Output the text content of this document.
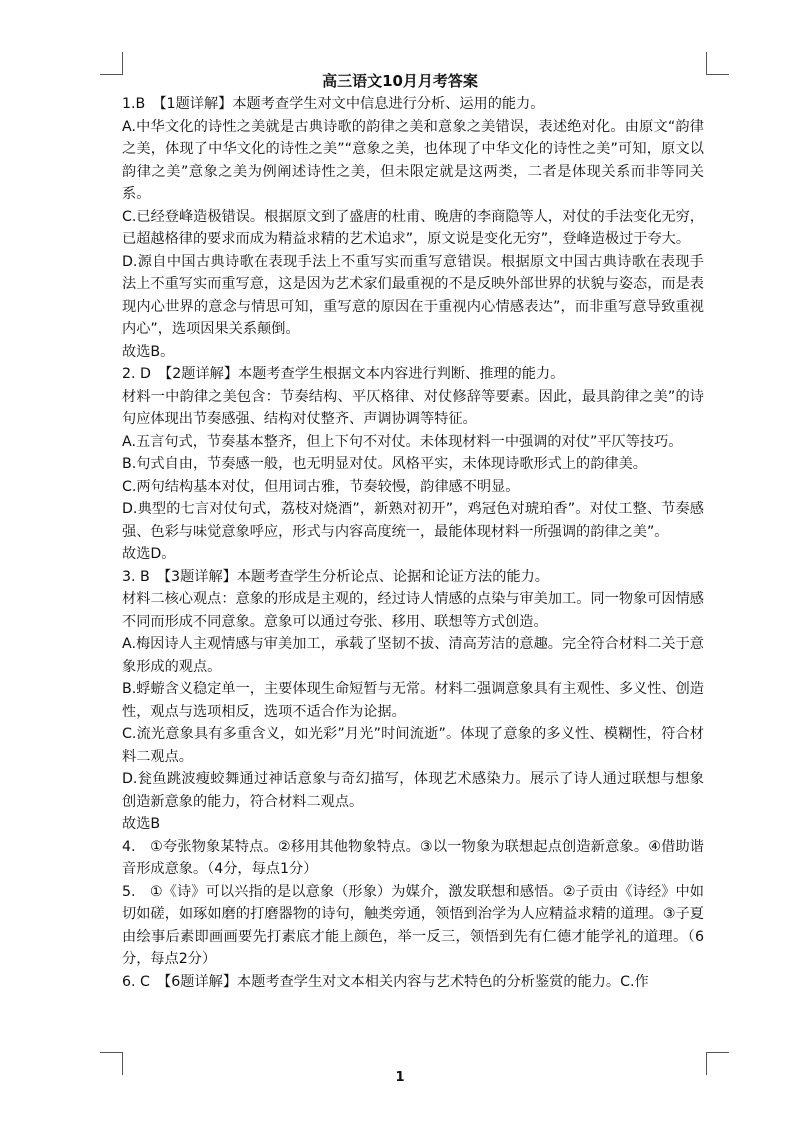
高三语文10月月考答案

1.B　【1题详解】本题考查学生对文中信息进行分析、运用的能力。

A.中华文化的诗性之美就是古典诗歌的韵律之美和意象之美错误，表述绝对化。由原文“韵律之美，体现了中华文化的诗性之美”“意象之美，也体现了中华文化的诗性之美”可知，原文以韵律之美”意象之美为例阐述诗性之美，但未限定就是这两类，二者是体现关系而非等同关系。

C.已经登峰造极错误。根据原文到了盛唐的杜甫、晚唐的李商隐等人，对仗的手法变化无穷，已超越格律的要求而成为精益求精的艺术追求”，原文说是变化无穷”，登峰造极过于夸大。

D.源自中国古典诗歌在表现手法上不重写实而重写意错误。根据原文中国古典诗歌在表现手法上不重写实而重写意，这是因为艺术家们最重视的不是反映外部世界的状貌与姿态，而是表现内心世界的意念与情思可知，重写意的原因在于重视内心情感表达”，而非重写意导致重视内心”，选项因果关系颠倒。

故选B。

2. D　【2题详解】本题考查学生根据文本内容进行判断、推理的能力。

材料一中韵律之美包含：节奏结构、平仄格律、对仗修辞等要素。因此，最具韵律之美”的诗句应体现出节奏感强、结构对仗整齐、声调协调等特征。

A.五言句式，节奏基本整齐，但上下句不对仗。未体现材料一中强调的对仗”平仄等技巧。

B.句式自由，节奏感一般，也无明显对仗。风格平实，未体现诗歌形式上的韵律美。

C.两句结构基本对仗，但用词古雅，节奏较慢，韵律感不明显。

D.典型的七言对仗句式，荔枝对烧酒”，新熟对初开”，鸡冠色对琥珀香”。对仗工整、节奏感强、色彩与味觉意象呼应，形式与内容高度统一，最能体现材料一所强调的韵律之美”。

故选D。

3. B　【3题详解】本题考查学生分析论点、论据和论证方法的能力。

材料二核心观点：意象的形成是主观的，经过诗人情感的点染与审美加工。同一物象可因情感不同而形成不同意象。意象可以通过夸张、移用、联想等方式创造。

A.梅因诗人主观情感与审美加工，承载了坚韧不拔、清高芳洁的意趣。完全符合材料二关于意象形成的观点。

B.蜉蝣含义稳定单一，主要体现生命短暂与无常。材料二强调意象具有主观性、多义性、创造性，观点与选项相反，选项不适合作为论据。

C.流光意象具有多重含义，如光彩”月光”时间流逝”。体现了意象的多义性、模糊性，符合材料二观点。

D.瓮鱼跳波瘦蛟舞通过神话意象与奇幻描写，体现艺术感染力。展示了诗人通过联想与想象创造新意象的能力，符合材料二观点。

故选B

4.　①夸张物象某特点。②移用其他物象特点。③以一物象为联想起点创造新意象。④借助谐音形成意象。（4分，每点1分）

5.　①《诗》可以兴指的是以意象（形象）为媒介，激发联想和感悟。②子贡由《诗经》中如切如磋，如琢如磨的打磨器物的诗句，触类旁通，领悟到治学为人应精益求精的道理。③子夏由绘事后素即画画要先打素底才能上颜色，举一反三，领悟到先有仁德才能学礼的道理。（6分，每点2分）

6. C　【6题详解】本题考查学生对文本相关内容与艺术特色的分析鉴赏的能力。C.作

1
